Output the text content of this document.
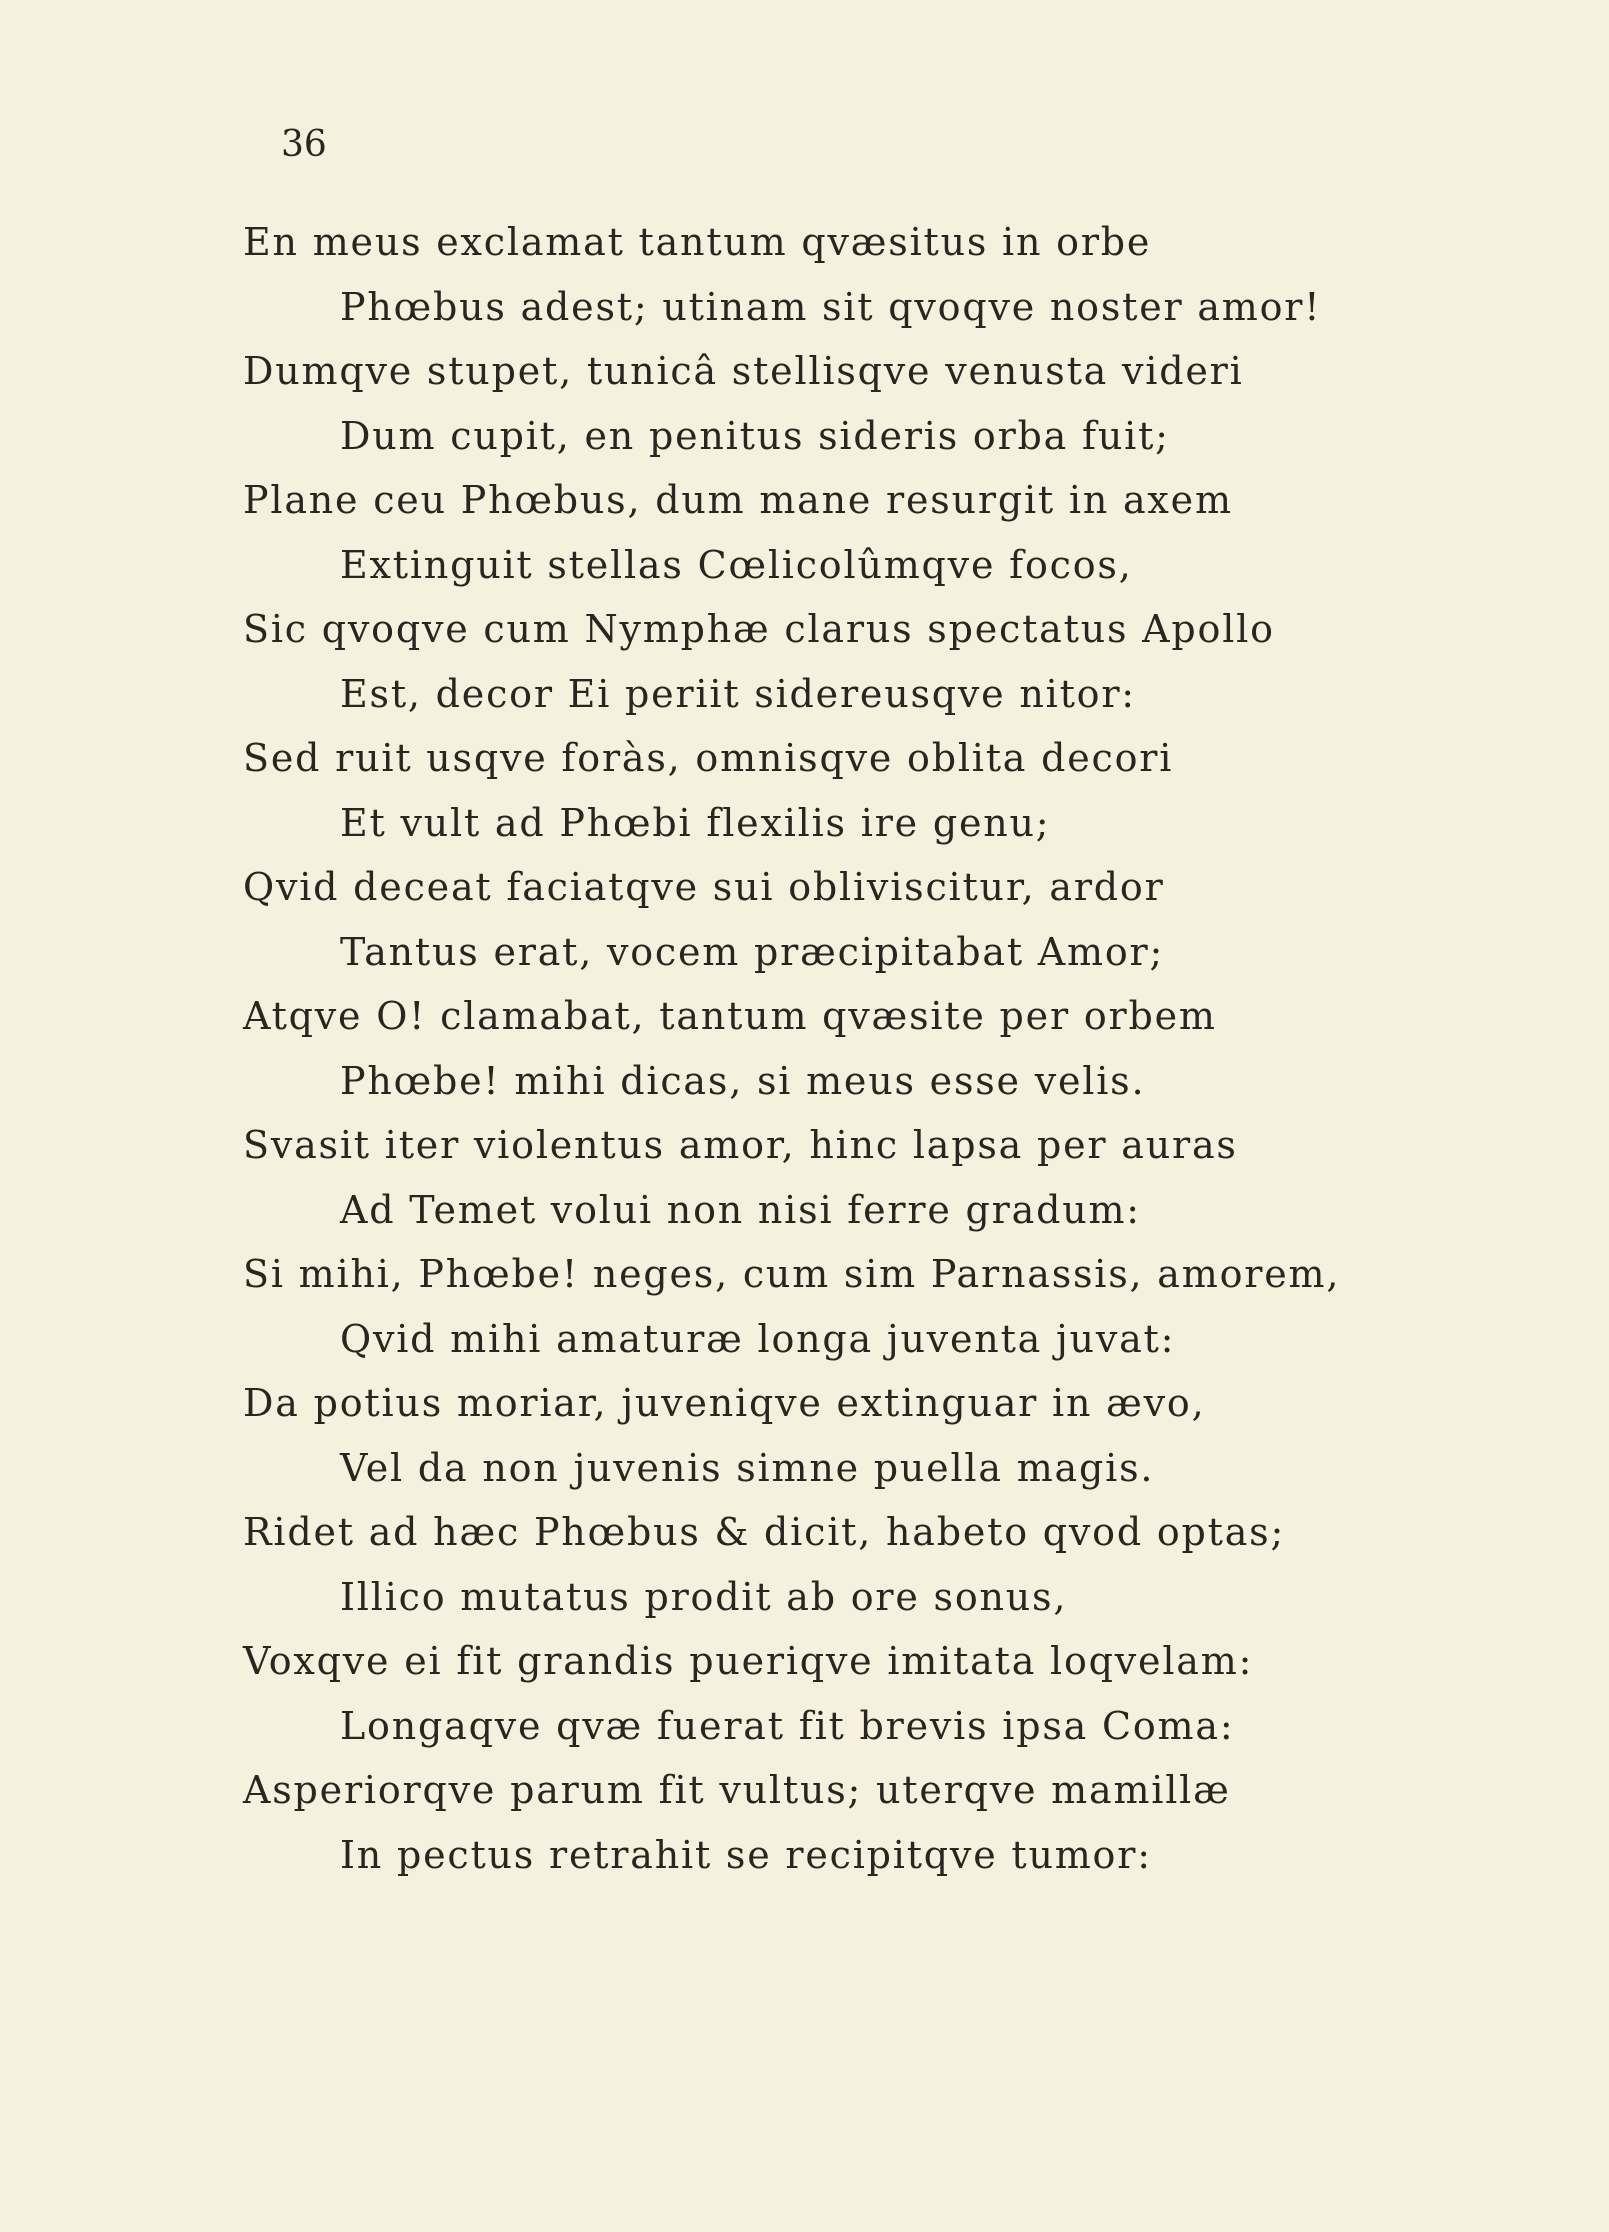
36
En meus exclamat tantum qvæsitus in orbe
Phœbus adest; utinam sit qvoqve noster amor!
Dumqve stupet, tunicâ stellisqve venusta videri
Dum cupit, en penitus sideris orba fuit;
Plane ceu Phœbus, dum mane resurgit in axem
Extinguit stellas Cœlicolûmqve focos,
Sic qvoqve cum Nymphæ clarus spectatus Apollo
Est, decor Ei periit sidereusqve nitor:
Sed ruit usqve foràs, omnisqve oblita decori
Et vult ad Phœbi flexilis ire genu;
Qvid deceat faciatqve sui obliviscitur, ardor
Tantus erat, vocem præcipitabat Amor;
Atqve O! clamabat, tantum qvæsite per orbem
Phœbe! mihi dicas, si meus esse velis.
Svasit iter violentus amor, hinc lapsa per auras
Ad Temet volui non nisi ferre gradum:
Si mihi, Phœbe! neges, cum sim Parnassis, amorem,
Qvid mihi amaturæ longa juventa juvat:
Da potius moriar, juveniqve extinguar in ævo,
Vel da non juvenis simne puella magis.
Ridet ad hæc Phœbus & dicit, habeto qvod optas;
Illico mutatus prodit ab ore sonus,
Voxqve ei fit grandis pueriqve imitata loqvelam:
Longaqve qvæ fuerat fit brevis ipsa Coma:
Asperiorqve parum fit vultus; uterqve mamillæ
In pectus retrahit se recipitqve tumor:
